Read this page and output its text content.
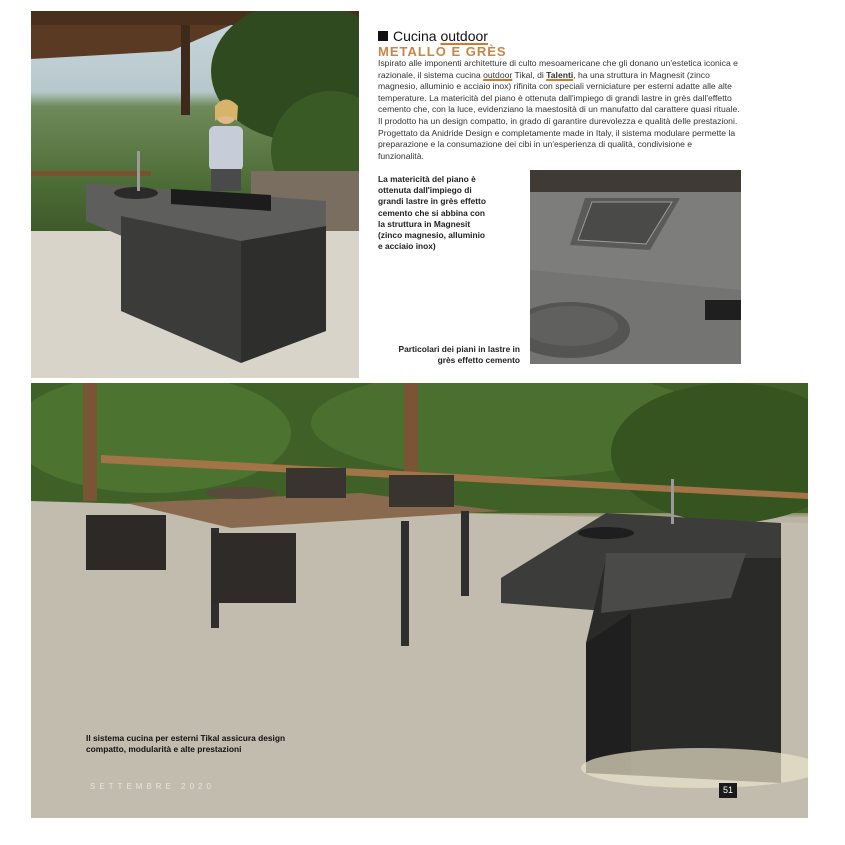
Cucina outdoor
METALLO E GRÈS
Ispirato alle imponenti architetture di culto mesoamericane che gli donano un'estetica iconica e razionale, il sistema cucina outdoor Tikal, di Talenti, ha una struttura in Magnesit (zinco magnesio, alluminio e acciaio inox) rifinita con speciali verniciature per esterni adatte alle alte temperature. La matericità del piano è ottenuta dall'impiego di grandi lastre in grès dall'effetto cemento che, con la luce, evidenziano la maestosità di un manufatto dal carattere quasi rituale. Il prodotto ha un design compatto, in grado di garantire durevolezza e qualità delle prestazioni. Progettato da Anidride Design e completamente made in Italy, il sistema modulare permette la preparazione e la consumazione dei cibi in un'esperienza di qualità, condivisione e funzionalità.
La matericità del piano è ottenuta dall'impiego di grandi lastre in grès effetto cemento che si abbina con la struttura in Magnesit (zinco magnesio, alluminio e acciaio inox)
Particolari dei piani in lastre in grès effetto cemento
Il sistema cucina per esterni Tikal assicura design compatto, modularità e alte prestazioni
SETTEMBRE 2020	51
